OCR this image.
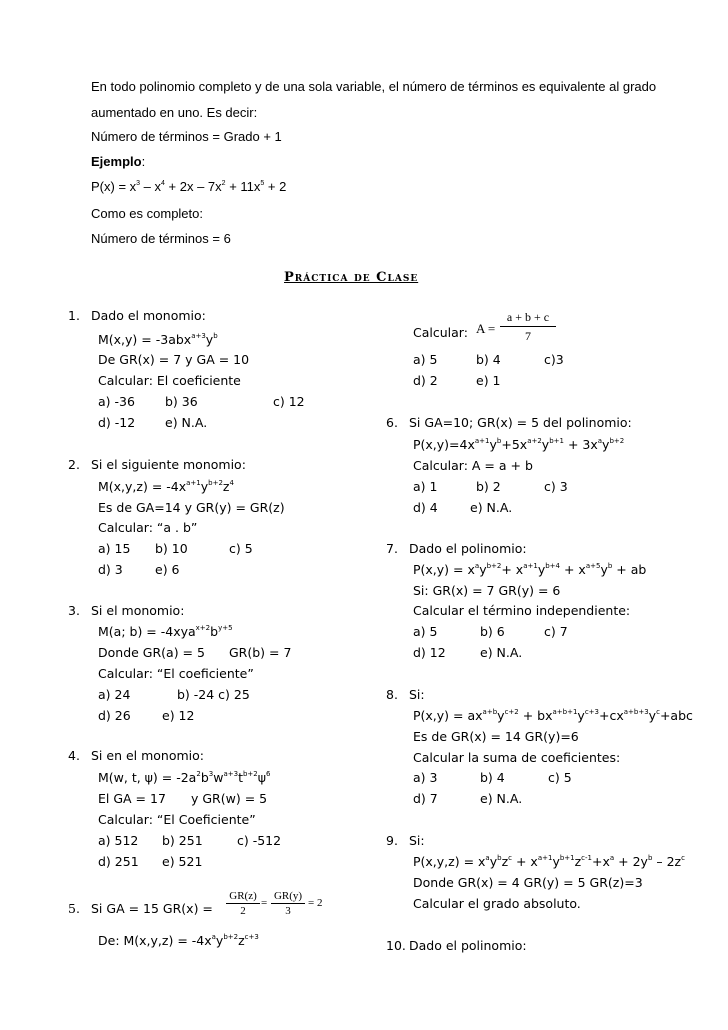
En todo polinomio completo y de una sola variable, el número de términos es equivalente al grado
aumentado en uno. Es decir:
Número de términos = Grado + 1
Ejemplo:
$P(x) = x^3 - x^4 + 2x - 7x^2 + 11x^5 + 2$
Como es completo:
Número de términos = 6
Práctica de Clase
1. Dado el monomio:
$M(x,y) = -3abx^{a+3}y^b$
De GR(x) = 7 y GA = 10
Calcular: El coeficiente
a) -36 b) 36	c) 12
d) -12 e) N.A.
2. Si el siguiente monomio:
$M(x,y,z) = -4x^{a+1}y^{b+2}z^4$
Es de GA=14 y GR(y) = GR(z)
Calcular: “a . b”
a) 15 b) 10	c) 5
d) 3	e) 6
3. Si el monomio:
M(a; $b) = -4xya^{x+2}b^{y+5}$
Donde GR(a) = 5 GR(b) = 7
Calcular: “El coeficiente”
a) 24	b) -24 c) 25
d) 26	e) 12
4. Si en el monomio:
M(w, t, $\psi) = -2a^2b^3w^{a+3}t^{b+2}\psi^6$
El GA = 17 y GR(w) = 5
Calcular: “El Coeficiente”
a) 512 b) 251	c) -512
d) 251 e) 521
5. Si GA = 15 GR(x) =
GR(z)
2
=
GR(y)
3
= 2
De: $M(x,y,z) = -4x^ay^{b+2}z^{c+3}$
Calcular: A =
a + b + c
7
a) 5	b) 4	c)3
d) 2	e) 1
6. Si GA=10; GR(x) = 5 del polinomio:
$P(x,y)=4x^{a+1}y^b+5x^{a+2}y^{b+1} + 3x^ay^{b+2}$
Calcular: A = a + b
a) 1	b) 2	c) 3
d) 4	e) N.A.
7. Dado el polinomio:
$P(x,y) = x^ay^{b+2}+ x^{a+1}y^{b+4} + x^{a+5}y^b$ + ab
Si: GR(x) = 7 GR(y) = 6
Calcular el término independiente:
a) 5	b) 6	c) 7
d) 12	e) N.A.
8. Si:
$P(x,y) = ax^{a+b}y^{c+2} + bx^{a+b+1}y^{c+3}+cx^{a+b+3}y^c+abc$
Es de GR(x) = 14 GR(y)=6
Calcular la suma de coeficientes:
a) 3	b) 4	c) 5
d) 7	e) N.A.
9. Si:
$P(x,y,z) = x^ay^bz^c + x^{a+1}y^{b+1}z^{c-1}+x^a + 2y^b - 2z^c$
Donde GR(x) = 4 GR(y) = 5 GR(z)=3
Calcular el grado absoluto.
10. Dado el polinomio:
